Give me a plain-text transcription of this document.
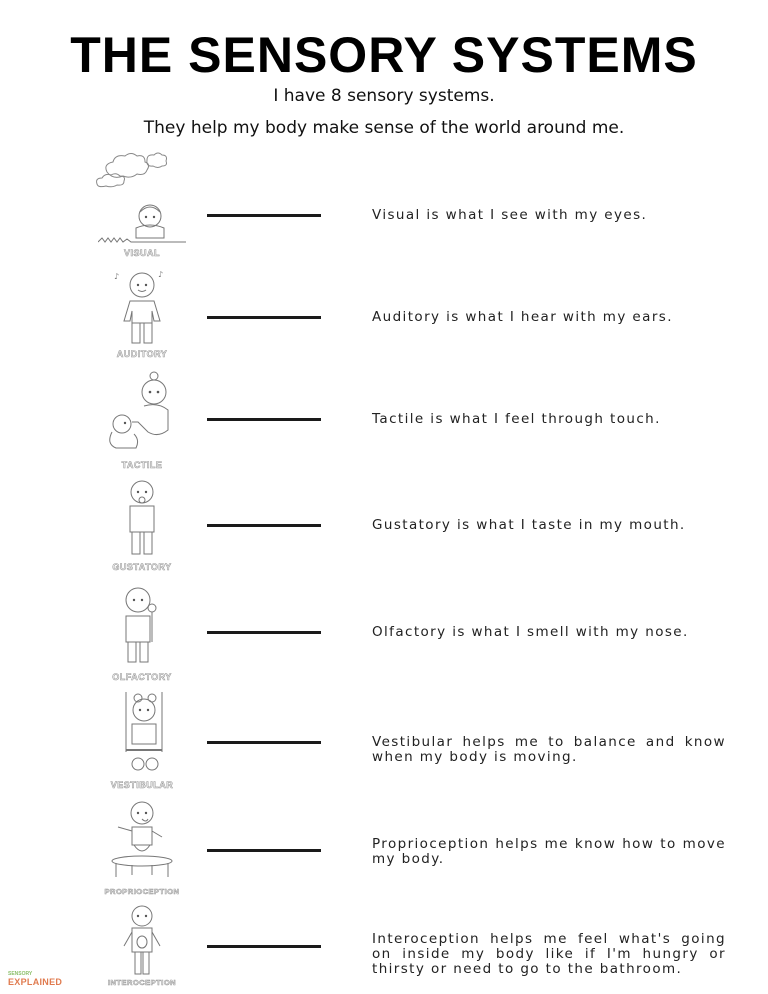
THE SENSORY SYSTEMS
I have 8 sensory systems.
They help my body make sense of the world around me.
VISUAL
Visual is what I see with my eyes.
♪	♪
AUDITORY
Auditory is what I hear with my ears.
TACTILE
Tactile is what I feel through touch.
GUSTATORY
Gustatory is what I taste in my mouth.
OLFACTORY
Olfactory is what I smell with my nose.
VESTIBULAR
Vestibular helps me to balance and know when my body is moving.
PROPRIOCEPTION
Proprioception helps me know how to move my body.
INTEROCEPTION
Interoception helps me feel what's going on inside my body like if I'm hungry or thirsty or need to go to the bathroom.
SENSORY
EXPLAINED
